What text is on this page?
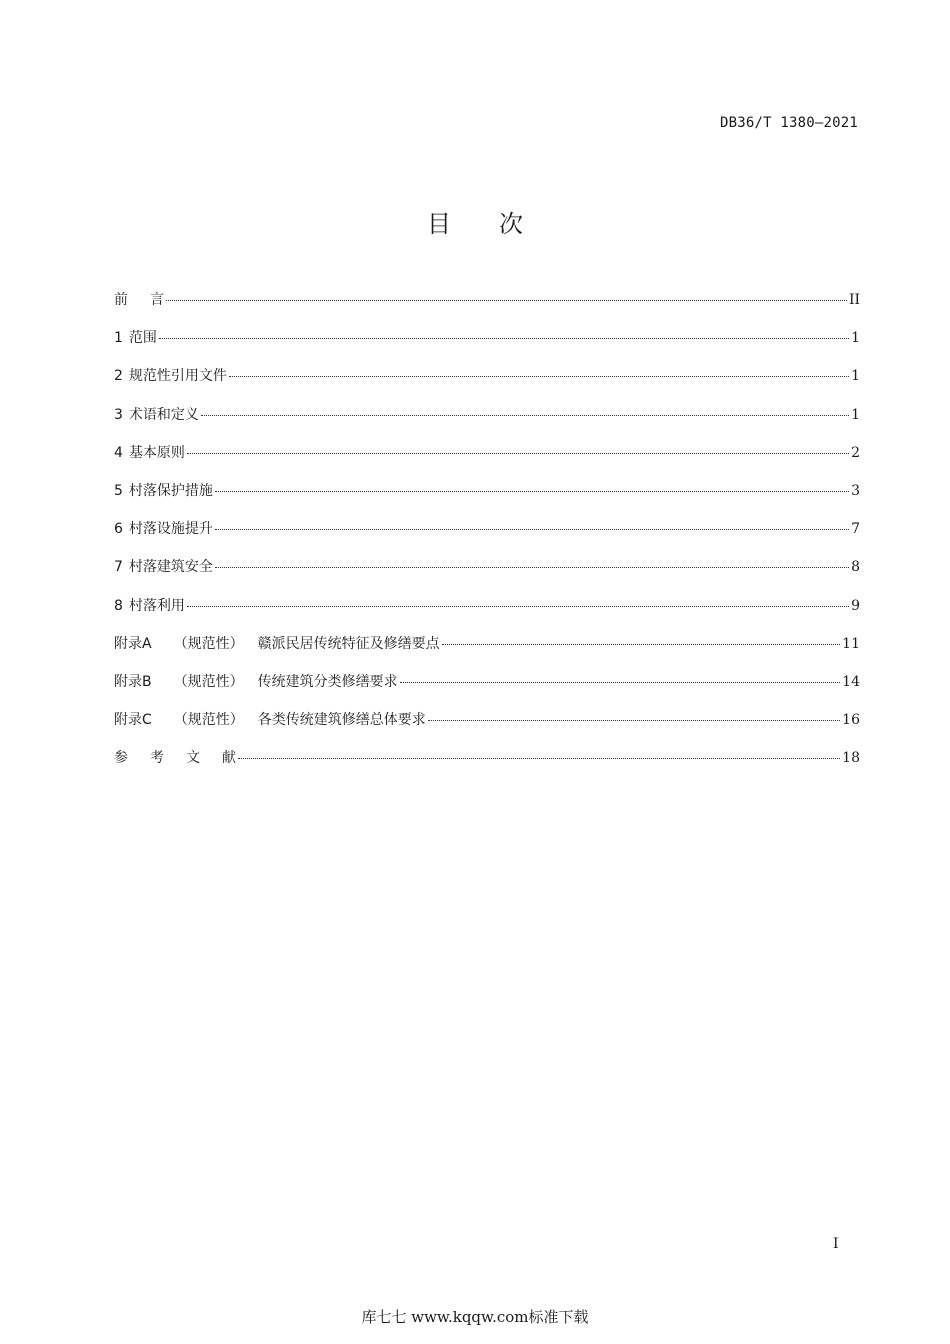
DB36/T 1380—2021
目 次
前言	II
1 范围	1
2 规范性引用文件	1
3 术语和定义	1
4 基本原则	2
5 村落保护措施	3
6 村落设施提升	7
7 村落建筑安全	8
8 村落利用	9
附录A （规范性） 赣派民居传统特征及修缮要点	11
附录B （规范性） 传统建筑分类修缮要求	14
附录C （规范性） 各类传统建筑修缮总体要求	16
参考文献	18
I
库七七 www.kqqw.com标准下载
